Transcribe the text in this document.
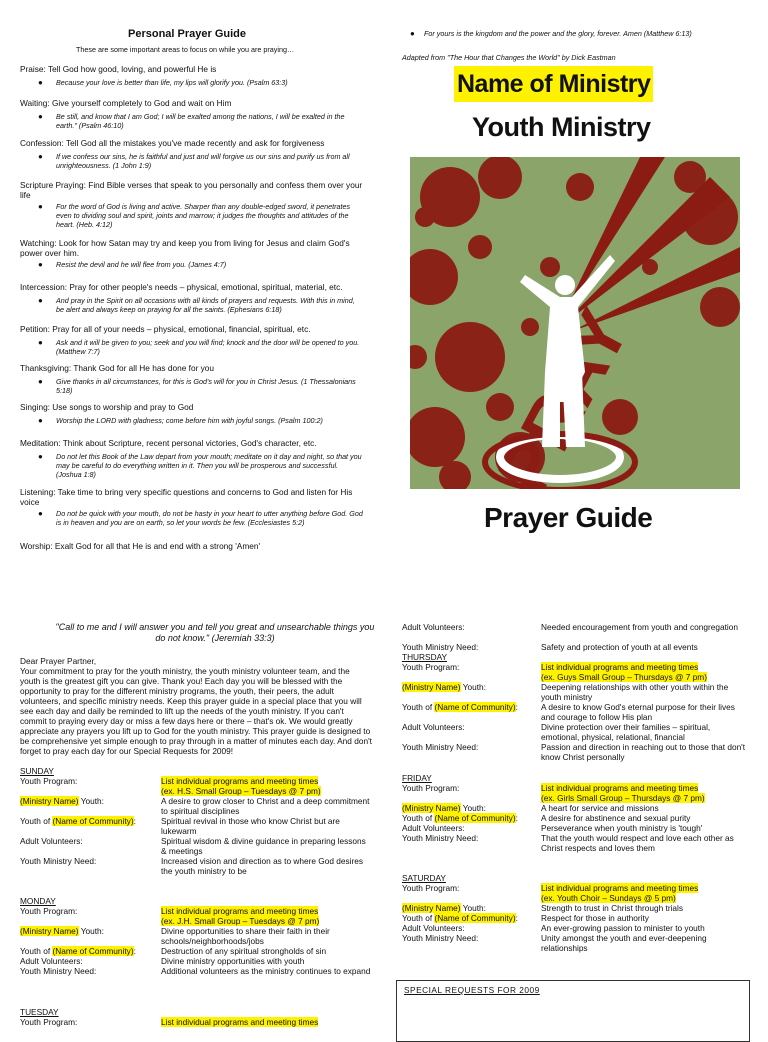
Personal Prayer Guide
These are some important areas to focus on while you are praying…
Praise: Tell God how good, loving, and powerful He is
● Because your love is better than life, my lips will glorify you. (Psalm 63:3)
Waiting: Give yourself completely to God and wait on Him
● Be still, and know that I am God; I will be exalted among the nations, I will be exalted in the earth." (Psalm 46:10)
Confession: Tell God all the mistakes you've made recently and ask for forgiveness
● If we confess our sins, he is faithful and just and will forgive us our sins and purify us from all unrighteousness. (1 John 1:9)
Scripture Praying: Find Bible verses that speak to you personally and confess them over your life
● For the word of God is living and active. Sharper than any double-edged sword, it penetrates even to dividing soul and spirit, joints and marrow; it judges the thoughts and attitudes of the heart. (Heb. 4:12)
Watching: Look for how Satan may try and keep you from living for Jesus and claim God's power over him.
● Resist the devil and he will flee from you. (James 4:7)
Intercession: Pray for other people's needs – physical, emotional, spiritual, material, etc.
● And pray in the Spirit on all occasions with all kinds of prayers and requests. With this in mind, be alert and always keep on praying for all the saints. (Ephesians 6:18)
Petition: Pray for all of your needs – physical, emotional, financial, spiritual, etc.
● Ask and it will be given to you; seek and you will find; knock and the door will be opened to you. (Matthew 7:7)
Thanksgiving: Thank God for all He has done for you
● Give thanks in all circumstances, for this is God's will for you in Christ Jesus. (1 Thessalonians 5:18)
Singing: Use songs to worship and pray to God
● Worship the LORD with gladness; come before him with joyful songs. (Psalm 100:2)
Meditation: Think about Scripture, recent personal victories, God's character, etc.
● Do not let this Book of the Law depart from your mouth; meditate on it day and night, so that you may be careful to do everything written in it. Then you will be prosperous and successful. (Joshua 1:8)
Listening: Take time to bring very specific questions and concerns to God and listen for His voice
● Do not be quick with your mouth, do not be hasty in your heart to utter anything before God. God is in heaven and you are on earth, so let your words be few. (Ecclesiastes 5:2)
Worship: Exalt God for all that He is and end with a strong 'Amen'
● For yours is the kingdom and the power and the glory, forever. Amen (Matthew 6:13)
Adapted from "The Hour that Changes the World" by Dick Eastman
Name of Ministry
Youth Ministry
Prayer Guide
"Call to me and I will answer you and tell you great and unsearchable things you do not know." (Jeremiah 33:3)
Dear Prayer Partner,
Your commitment to pray for the youth ministry, the youth ministry volunteer team, and the youth is the greatest gift you can give. Thank you! Each day you will be blessed with the opportunity to pray for the different ministry programs, the youth, their peers, the adult volunteers, and specific ministry needs. Keep this prayer guide in a special place that you will see each day and daily be reminded to lift up the needs of the youth ministry. If you can't commit to praying every day or miss a few days here or there – that's ok. We would greatly appreciate any prayers you lift up to God for the youth ministry. This prayer guide is designed to be comprehensive yet simple enough to pray through in a matter of minutes each day. And don't forget to pray each day for our Special Requests for 2009!
SUNDAY
Youth Program:	List individual programs and meeting times
(ex. H.S. Small Group – Tuesdays @ 7 pm)
(Ministry Name) Youth:	A desire to grow closer to Christ and a deep commitment to spiritual disciplines
Youth of (Name of Community):	Spiritual revival in those who know Christ but are lukewarm
Adult Volunteers:	Spiritual wisdom & divine guidance in preparing lessons & meetings
Youth Ministry Need:	Increased vision and direction as to where God desires the youth ministry to be
MONDAY
Youth Program:	List individual programs and meeting times
(ex. J.H. Small Group – Tuesdays @ 7 pm)
(Ministry Name) Youth:	Divine opportunities to share their faith in their schools/neighborhoods/jobs
Youth of (Name of Community):	Destruction of any spiritual strongholds of sin
Adult Volunteers:	Divine ministry opportunities with youth
Youth Ministry Need:	Additional volunteers as the ministry continues to expand
TUESDAY
Youth Program:	List individual programs and meeting times
Adult Volunteers:	Needed encouragement from youth and congregation
Youth Ministry Need:	Safety and protection of youth at all events
THURSDAY
Youth Program:	List individual programs and meeting times
(ex. Guys Small Group – Thursdays @ 7 pm)
(Ministry Name) Youth:	Deepening relationships with other youth within the youth ministry
Youth of (Name of Community):	A desire to know God's eternal purpose for their lives and courage to follow His plan
Adult Volunteers:	Divine protection over their families – spiritual, emotional, physical, relational, financial
Youth Ministry Need:	Passion and direction in reaching out to those that don't know Christ personally
FRIDAY
Youth Program:	List individual programs and meeting times
(ex. Girls Small Group – Thursdays @ 7 pm)
(Ministry Name) Youth:	A heart for service and missions
Youth of (Name of Community):	A desire for abstinence and sexual purity
Adult Volunteers:	Perseverance when youth ministry is 'tough'
Youth Ministry Need:	That the youth would respect and love each other as Christ respects and loves them
SATURDAY
Youth Program:	List individual programs and meeting times
(ex. Youth Choir – Sundays @ 5 pm)
(Ministry Name) Youth:	Strength to trust in Christ through trials
Youth of (Name of Community):	Respect for those in authority
Adult Volunteers:	An ever-growing passion to minister to youth
Youth Ministry Need:	Unity amongst the youth and ever-deepening relationships
SPECIAL REQUESTS FOR 2009
